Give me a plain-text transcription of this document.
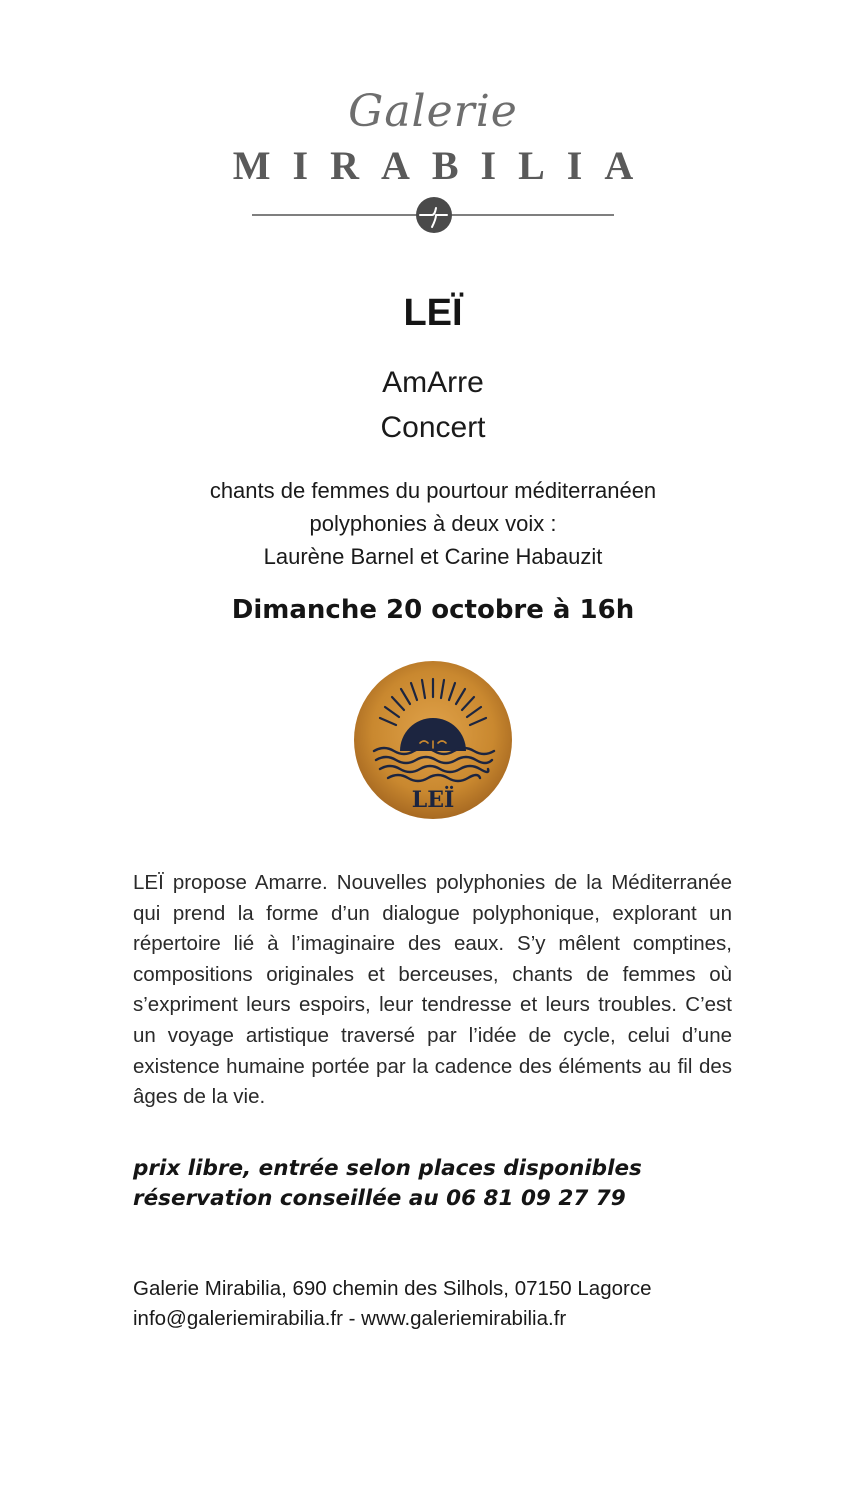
Galerie
MIRABILIA
LEÏ
AmArre
Concert
chants de femmes du pourtour méditerranéen
polyphonies à deux voix :
Laurène Barnel et Carine Habauzit
Dimanche 20 octobre à 16h
LEÏ
LEÏ propose Amarre. Nouvelles polyphonies de la Méditerranée qui prend la forme d’un dialogue polyphonique, explorant un répertoire lié à l’imaginaire des eaux. S’y mêlent comptines, compositions originales et berceuses, chants de femmes où s’expriment leurs espoirs, leur tendresse et leurs troubles. C’est un voyage artistique traversé par l’idée de cycle, celui d’une existence humaine portée par la cadence des éléments au fil des âges de la vie.
prix libre, entrée selon places disponibles
réservation conseillée au 06 81 09 27 79
Galerie Mirabilia, 690 chemin des Silhols, 07150 Lagorce
info@galeriemirabilia.fr - www.galeriemirabilia.fr
